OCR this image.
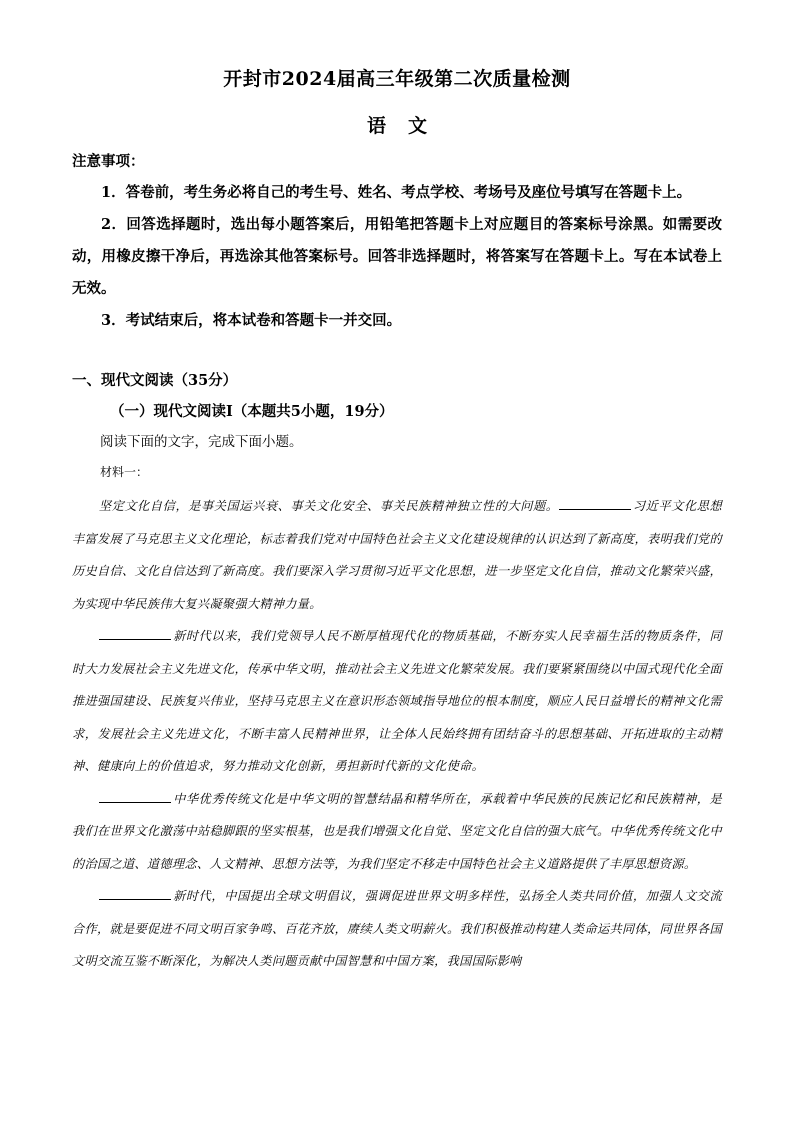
开封市2024届高三年级第二次质量检测
语文
注意事项：

1．答卷前，考生务必将自己的考生号、姓名、考点学校、考场号及座位号填写在答题卡上。

2．回答选择题时，选出每小题答案后，用铅笔把答题卡上对应题目的答案标号涂黑。如需要改动，用橡皮擦干净后，再选涂其他答案标号。回答非选择题时，将答案写在答题卡上。写在本试卷上无效。

3．考试结束后，将本试卷和答题卡一并交回。

一、现代文阅读（35分）
（一）现代文阅读Ⅰ（本题共5小题，19分）
阅读下面的文字，完成下面小题。
材料一：

坚定文化自信，是事关国运兴衰、事关文化安全、事关民族精神独立性的大问题。	习近平文化思想丰富发展了马克思主义文化理论，标志着我们党对中国特色社会主义文化建设规律的认识达到了新高度，表明我们党的历史自信、文化自信达到了新高度。我们要深入学习贯彻习近平文化思想，进一步坚定文化自信，推动文化繁荣兴盛，为实现中华民族伟大复兴凝聚强大精神力量。

新时代以来，我们党领导人民不断厚植现代化的物质基础，不断夯实人民幸福生活的物质条件，同时大力发展社会主义先进文化，传承中华文明，推动社会主义先进文化繁荣发展。我们要紧紧围绕以中国式现代化全面推进强国建设、民族复兴伟业，坚持马克思主义在意识形态领域指导地位的根本制度，顺应人民日益增长的精神文化需求，发展社会主义先进文化，不断丰富人民精神世界，让全体人民始终拥有团结奋斗的思想基础、开拓进取的主动精神、健康向上的价值追求，努力推动文化创新，勇担新时代新的文化使命。

中华优秀传统文化是中华文明的智慧结晶和精华所在，承载着中华民族的民族记忆和民族精神，是我们在世界文化激荡中站稳脚跟的坚实根基，也是我们增强文化自觉、坚定文化自信的强大底气。中华优秀传统文化中的治国之道、道德理念、人文精神、思想方法等，为我们坚定不移走中国特色社会主义道路提供了丰厚思想资源。

新时代，中国提出全球文明倡议，强调促进世界文明多样性，弘扬全人类共同价值，加强人文交流合作，就是要促进不同文明百家争鸣、百花齐放，赓续人类文明薪火。我们积极推动构建人类命运共同体，同世界各国文明交流互鉴不断深化，为解决人类问题贡献中国智慧和中国方案，我国国际影响
